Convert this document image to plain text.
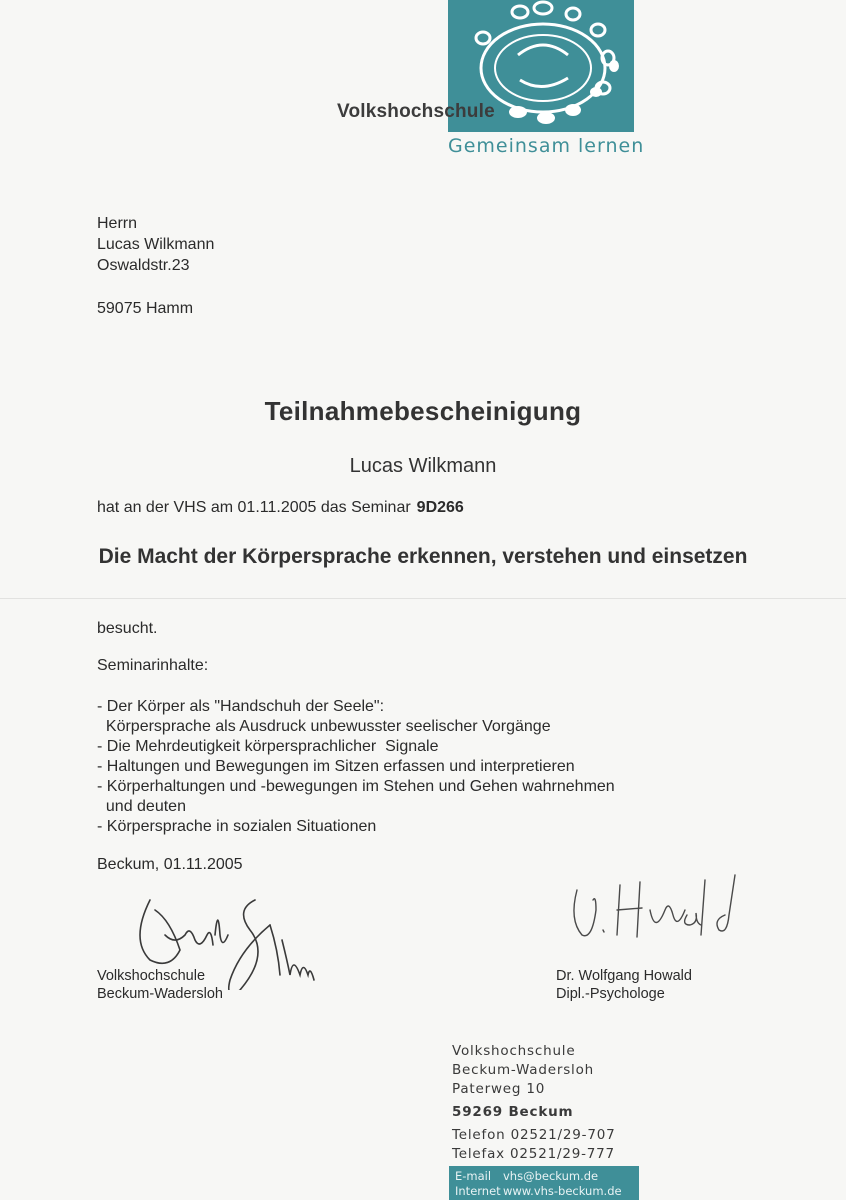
Volkshochschule
Gemeinsam lernen
Herrn
Lucas Wilkmann
Oswaldstr.23
59075 Hamm
Teilnahmebescheinigung
Lucas Wilkmann
hat an der VHS am 01.11.2005 das Seminar 9D266
Die Macht der Körpersprache erkennen, verstehen und einsetzen
besucht.
Seminarinhalte:
- Der Körper als "Handschuh der Seele":
Körpersprache als Ausdruck unbewusster seelischer Vorgänge
- Die Mehrdeutigkeit körpersprachlicher  Signale
- Haltungen und Bewegungen im Sitzen erfassen und interpretieren
- Körperhaltungen und -bewegungen im Stehen und Gehen wahrnehmen
und deuten
- Körpersprache in sozialen Situationen
Beckum, 01.11.2005
Volkshochschule
Beckum-Wadersloh
Dr. Wolfgang Howald
Dipl.-Psychologe
Volkshochschule
Beckum-Wadersloh
Paterweg 10
59269 Beckum
Telefon 02521/29-707
Telefax 02521/29-777
E-mail vhs@beckum.de
Internet www.vhs-beckum.de
